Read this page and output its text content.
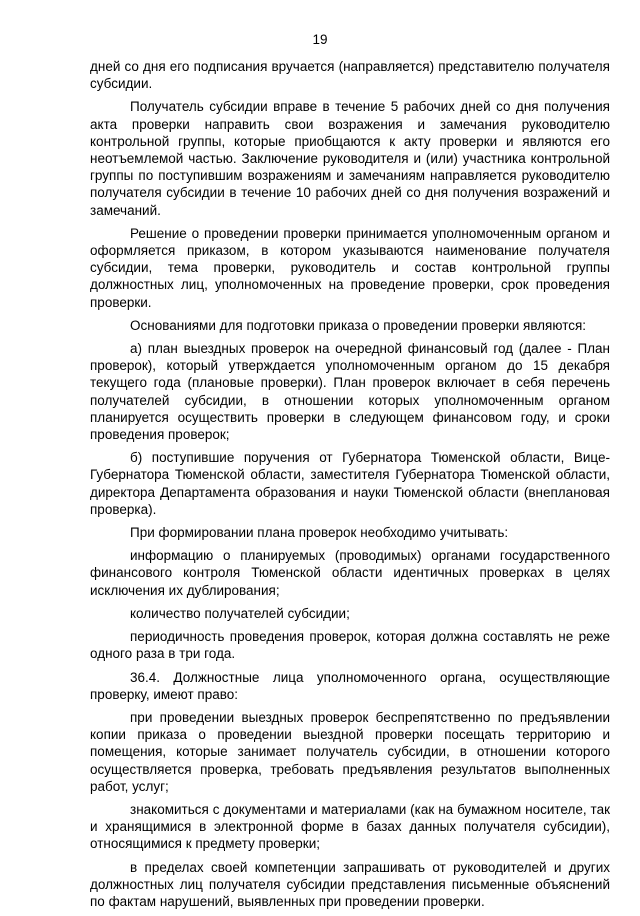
19

дней со дня его подписания вручается (направляется) представителю получателя субсидии.

Получатель субсидии вправе в течение 5 рабочих дней со дня получения акта проверки направить свои возражения и замечания руководителю контрольной группы, которые приобщаются к акту проверки и являются его неотъемлемой частью. Заключение руководителя и (или) участника контрольной группы по поступившим возражениям и замечаниям направляется руководителю получателя субсидии в течение 10 рабочих дней со дня получения возражений и замечаний.

Решение о проведении проверки принимается уполномоченным органом и оформляется приказом, в котором указываются наименование получателя субсидии, тема проверки, руководитель и состав контрольной группы должностных лиц, уполномоченных на проведение проверки, срок проведения проверки.

Основаниями для подготовки приказа о проведении проверки являются:

а) план выездных проверок на очередной финансовый год (далее - План проверок), который утверждается уполномоченным органом до 15 декабря текущего года (плановые проверки). План проверок включает в себя перечень получателей субсидии, в отношении которых уполномоченным органом планируется осуществить проверки в следующем финансовом году, и сроки проведения проверок;

б) поступившие поручения от Губернатора Тюменской области, Вице-Губернатора Тюменской области, заместителя Губернатора Тюменской области, директора Департамента образования и науки Тюменской области (внеплановая проверка).

При формировании плана проверок необходимо учитывать:

информацию о планируемых (проводимых) органами государственного финансового контроля Тюменской области идентичных проверках в целях исключения их дублирования;

количество получателей субсидии;

периодичность проведения проверок, которая должна составлять не реже одного раза в три года.

36.4. Должностные лица уполномоченного органа, осуществляющие проверку, имеют право:

при проведении выездных проверок беспрепятственно по предъявлении копии приказа о проведении выездной проверки посещать территорию и помещения, которые занимает получатель субсидии, в отношении которого осуществляется проверка, требовать предъявления результатов выполненных работ, услуг;

знакомиться с документами и материалами (как на бумажном носителе, так и хранящимися в электронной форме в базах данных получателя субсидии), относящимися к предмету проверки;

в пределах своей компетенции запрашивать от руководителей и других должностных лиц получателя субсидии представления письменные объяснений по фактам нарушений, выявленных при проведении проверки.
